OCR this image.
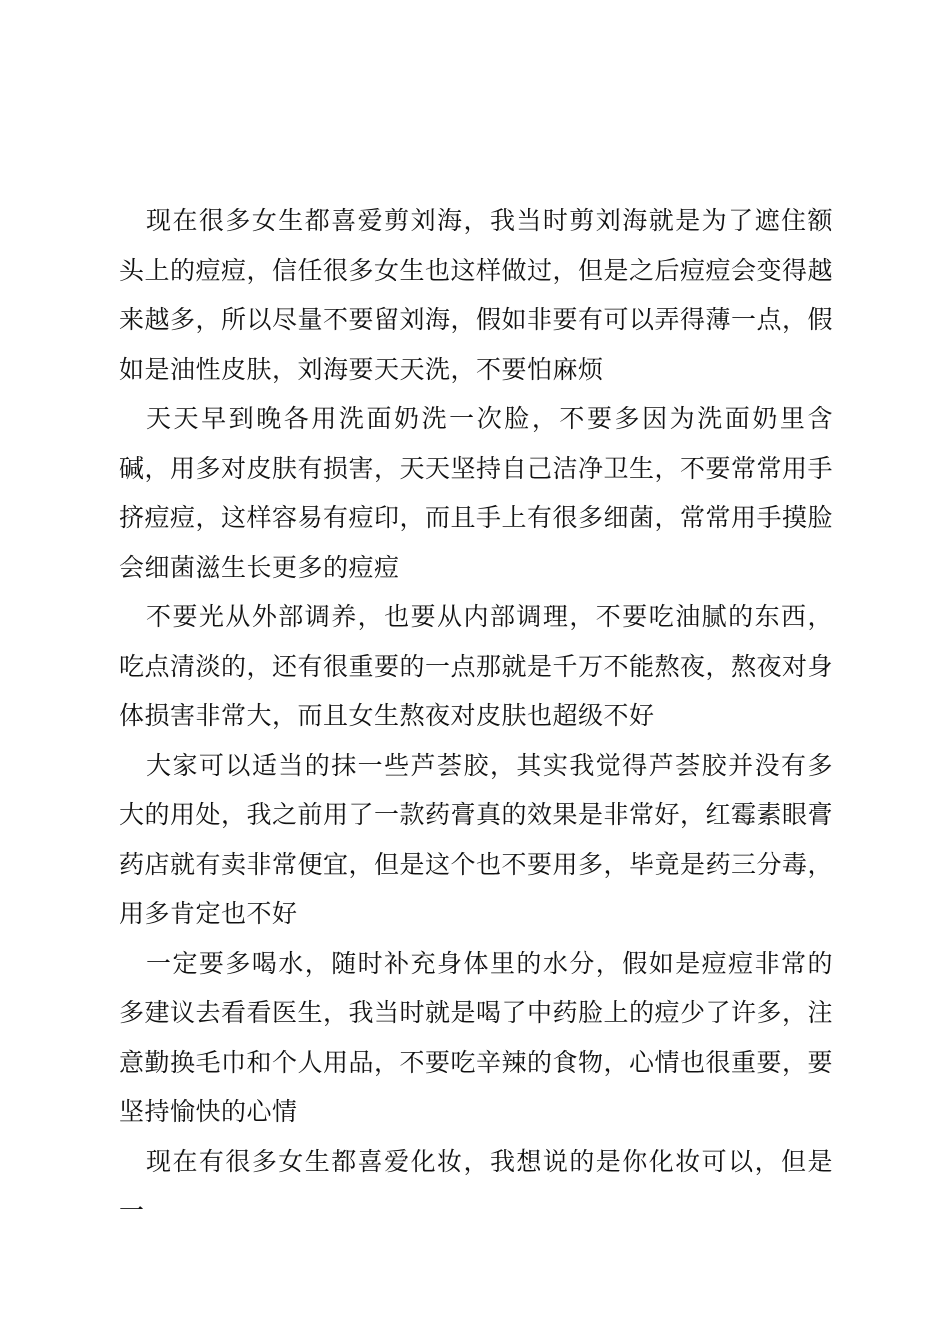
现在很多女生都喜爱剪刘海，我当时剪刘海就是为了遮住额头上的痘痘，信任很多女生也这样做过，但是之后痘痘会变得越来越多，所以尽量不要留刘海，假如非要有可以弄得薄一点，假如是油性皮肤，刘海要天天洗，不要怕麻烦

天天早到晚各用洗面奶洗一次脸，不要多因为洗面奶里含碱，用多对皮肤有损害，天天坚持自己洁净卫生，不要常常用手挤痘痘，这样容易有痘印，而且手上有很多细菌，常常用手摸脸会细菌滋生长更多的痘痘

不要光从外部调养，也要从内部调理，不要吃油腻的东西，吃点清淡的，还有很重要的一点那就是千万不能熬夜，熬夜对身体损害非常大，而且女生熬夜对皮肤也超级不好

大家可以适当的抹一些芦荟胶，其实我觉得芦荟胶并没有多大的用处，我之前用了一款药膏真的效果是非常好，红霉素眼膏药店就有卖非常便宜，但是这个也不要用多，毕竟是药三分毒，用多肯定也不好

一定要多喝水，随时补充身体里的水分，假如是痘痘非常的多建议去看看医生，我当时就是喝了中药脸上的痘少了许多，注意勤换毛巾和个人用品，不要吃辛辣的食物，心情也很重要，要坚持愉快的心情

现在有很多女生都喜爱化妆，我想说的是你化妆可以，但是一
